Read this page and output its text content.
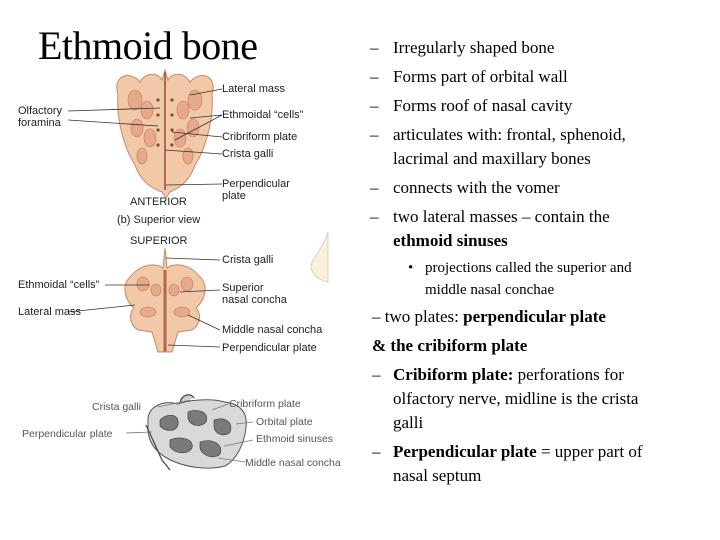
Ethmoid bone
Lateral mass
Olfactory
foramina
Ethmoidal “cells”
Cribriform plate
Crista galli
Perpendicular
plate
ANTERIOR
(b) Superior view
SUPERIOR
Crista galli
Ethmoidal “cells”	Superior
nasal concha
Lateral mass
Middle nasal concha
Perpendicular plate
Crista galli	Cribriform plate
Orbital plate
Perpendicular plate	Ethmoid sinuses
Middle nasal concha
– Irregularly shaped bone
– Forms part of orbital wall
– Forms roof of nasal cavity
– articulates with: frontal, sphenoid,
lacrimal and maxillary bones
– connects with the vomer
– two lateral masses – contain the
ethmoid sinuses
• projections called the superior and
middle nasal conchae
– two plates: perpendicular plate
& the cribiform plate
– Cribiform plate: perforations for
olfactory nerve, midline is the crista
galli
– Perpendicular plate = upper part of
nasal septum
